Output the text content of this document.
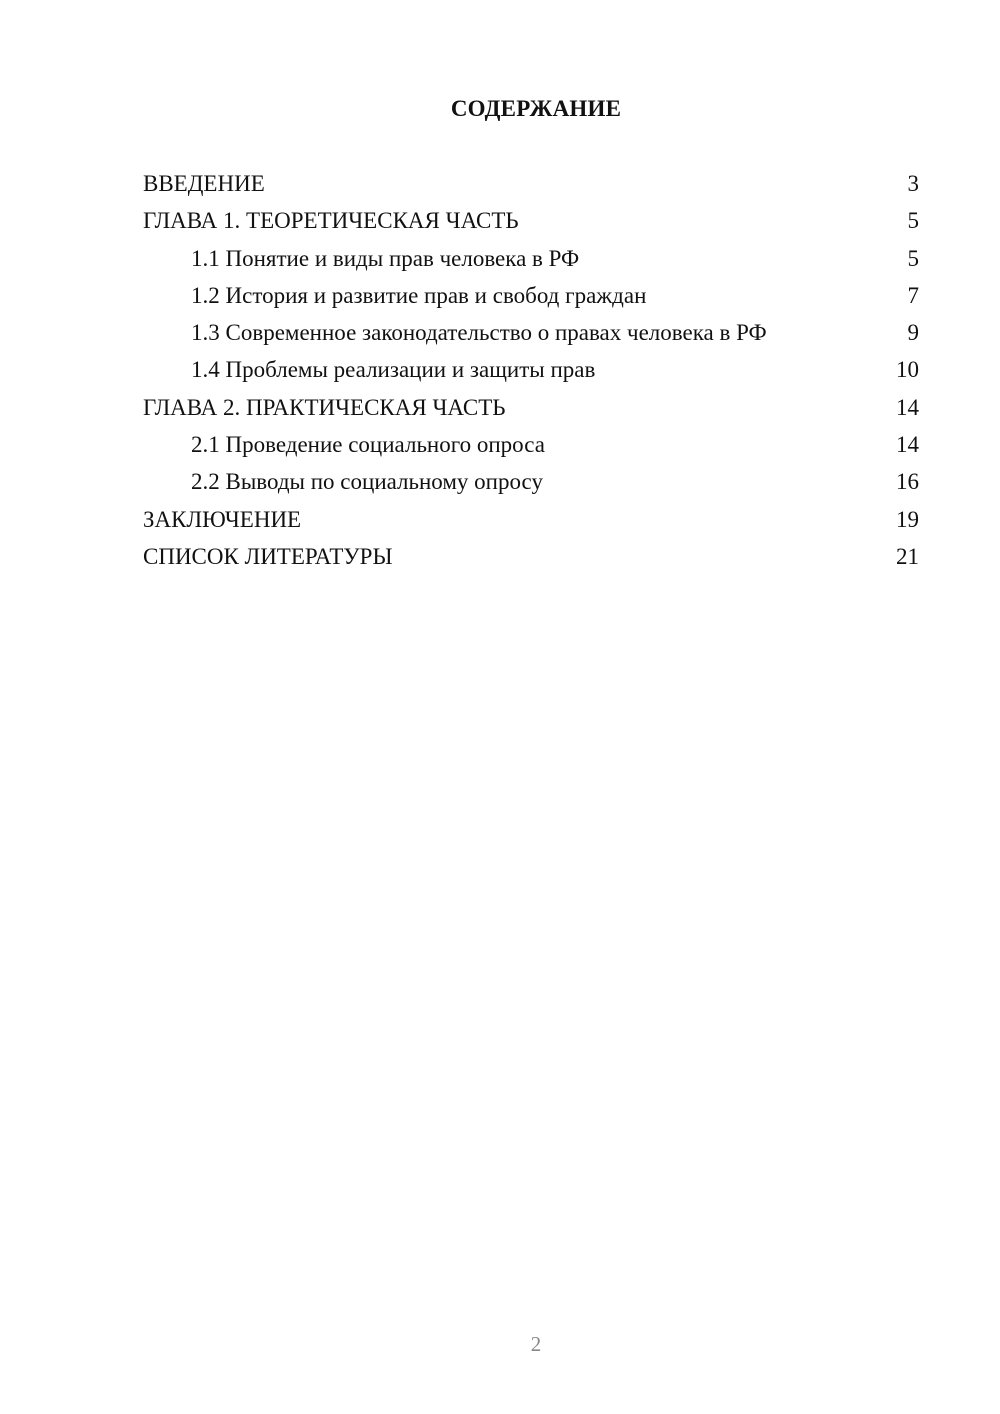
СОДЕРЖАНИЕ
ВВЕДЕНИЕ	3
ГЛАВА 1. ТЕОРЕТИЧЕСКАЯ ЧАСТЬ	5
1.1 Понятие и виды прав человека в РФ	5
1.2 История и развитие прав и свобод граждан	7
1.3 Современное законодательство о правах человека в РФ	9
1.4 Проблемы реализации и защиты прав	10
ГЛАВА 2. ПРАКТИЧЕСКАЯ ЧАСТЬ	14
2.1 Проведение социального опроса	14
2.2 Выводы по социальному опросу	16
ЗАКЛЮЧЕНИЕ	19
СПИСОК ЛИТЕРАТУРЫ	21
2
